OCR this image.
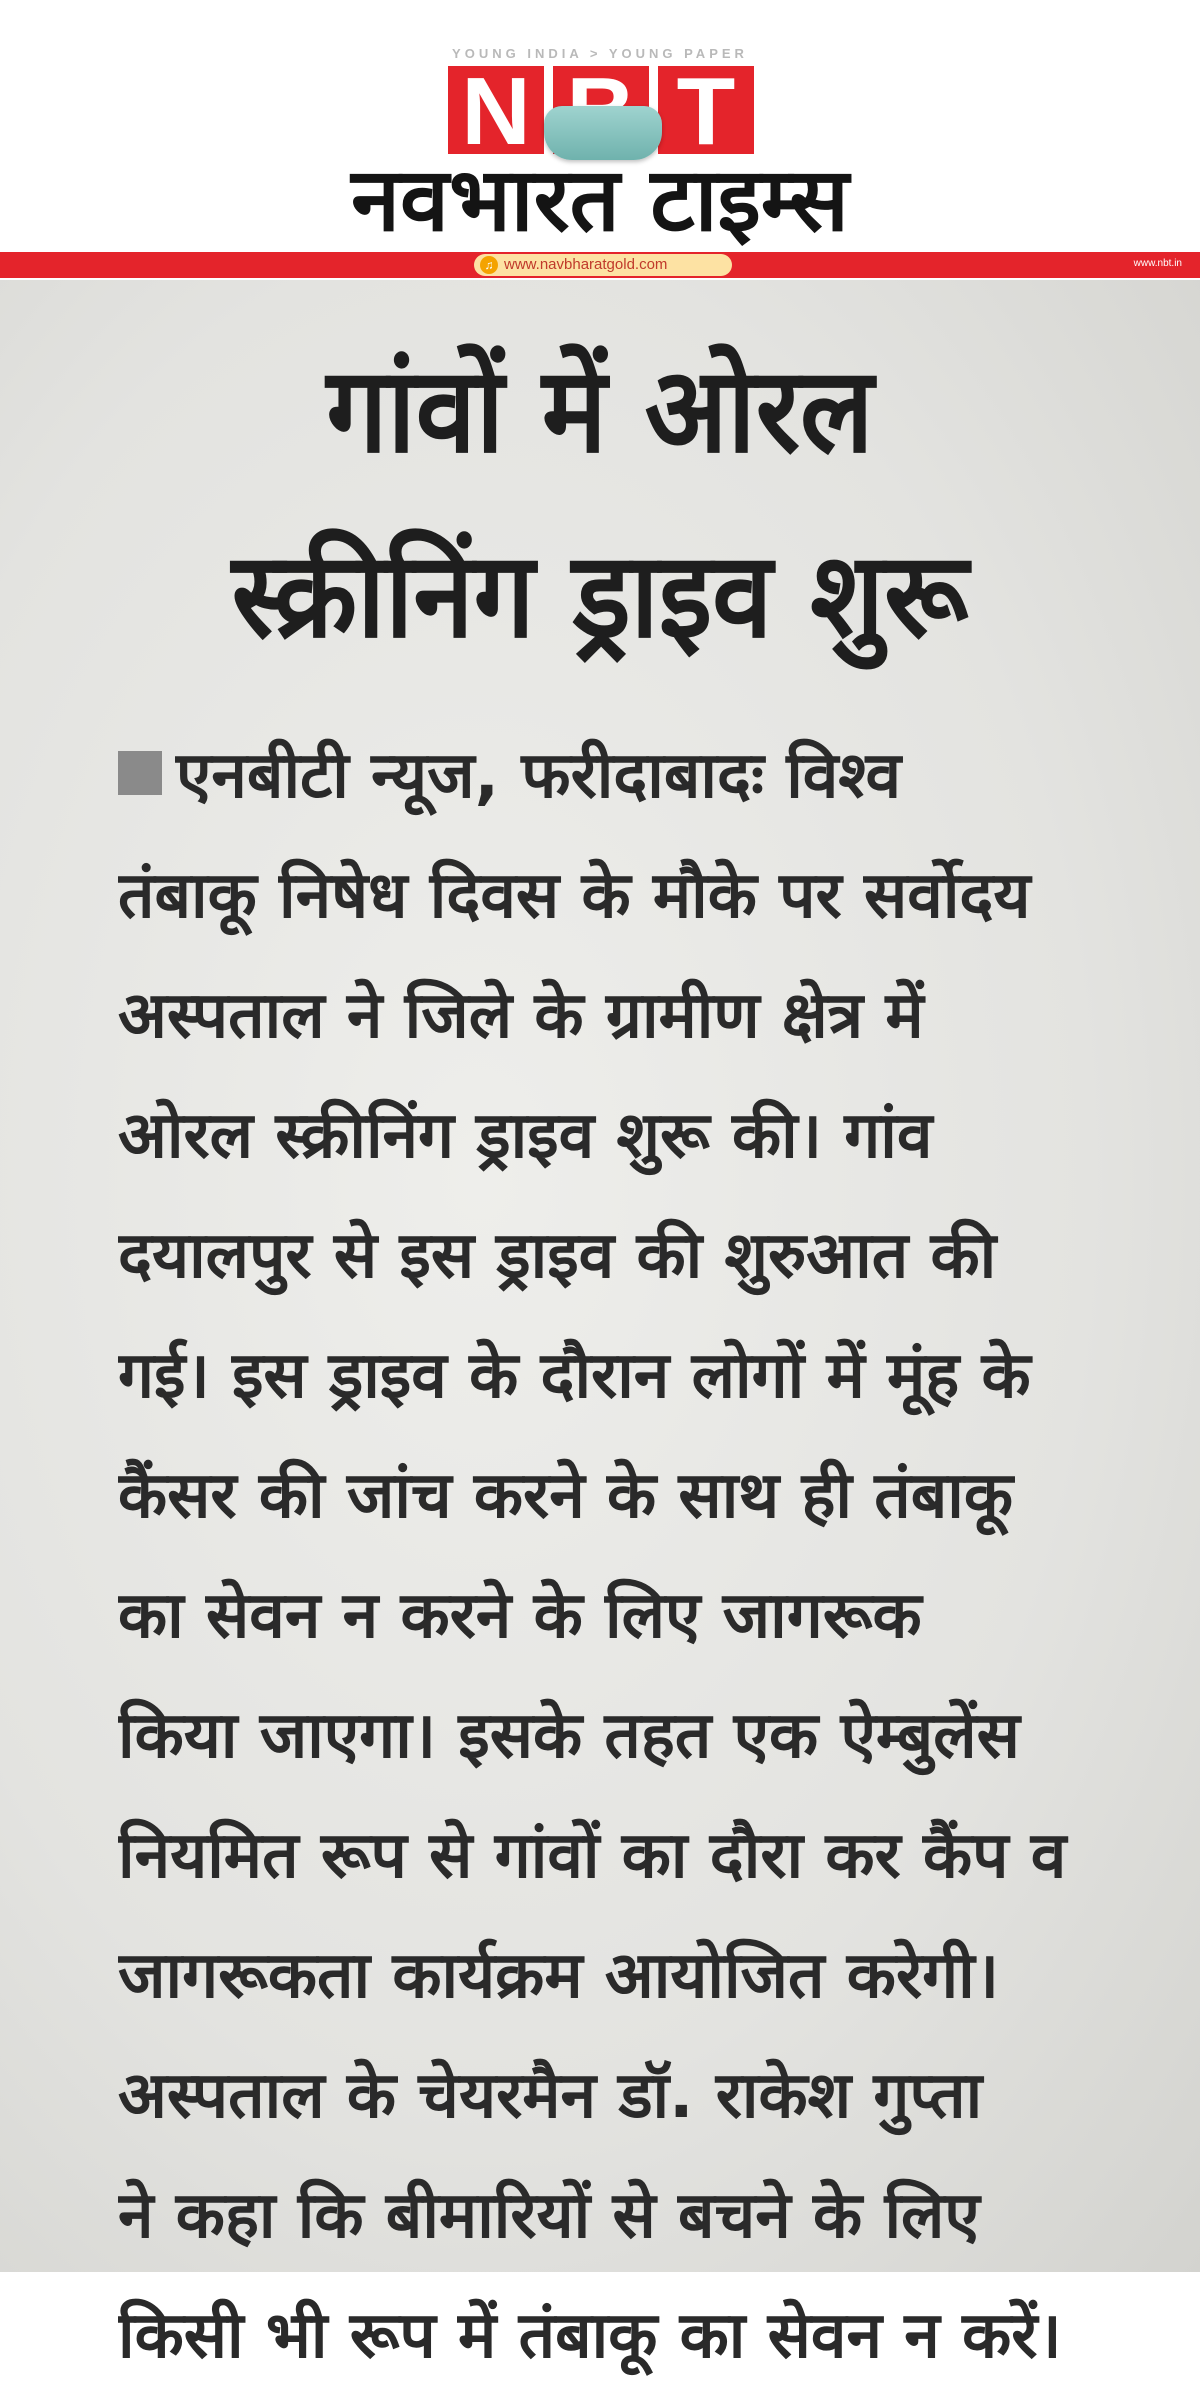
YOUNG INDIA > YOUNG PAPER
N T
नवभारत टाइम्स
♫ www.navbharatgold.com	www.nbt.in
गांवों में ओरल
स्क्रीनिंग ड्राइव शुरू
एनबीटी न्यूज, फरीदाबादः विश्व
तंबाकू निषेध दिवस के मौके पर सर्वोदय
अस्पताल ने जिले के ग्रामीण क्षेत्र में
ओरल स्क्रीनिंग ड्राइव शुरू की। गांव
दयालपुर से इस ड्राइव की शुरुआत की
गई। इस ड्राइव के दौरान लोगों में मूंह के
कैंसर की जांच करने के साथ ही तंबाकू
का सेवन न करने के लिए जागरूक
किया जाएगा। इसके तहत एक ऐम्बुलेंस
नियमित रूप से गांवों का दौरा कर कैंप व
जागरूकता कार्यक्रम आयोजित करेगी।
अस्पताल के चेयरमैन डॉ. राकेश गुप्ता
ने कहा कि बीमारियों से बचने के लिए
किसी भी रूप में तंबाकू का सेवन न करें।
